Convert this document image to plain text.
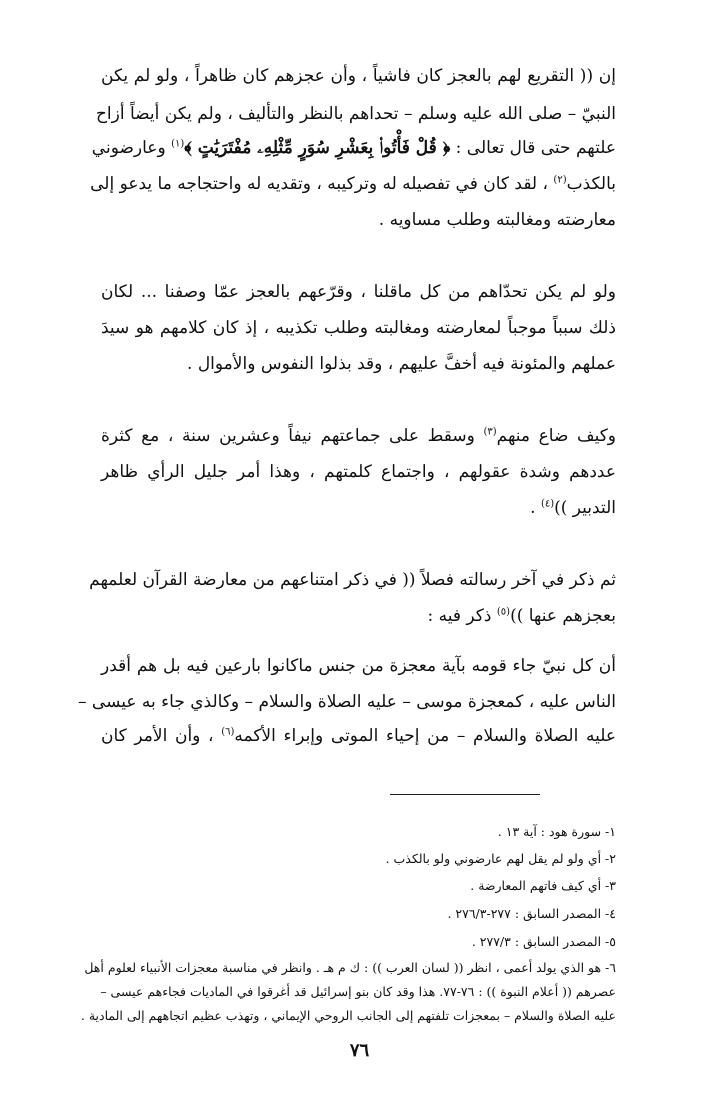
إن (( التقريع لهم بالعجز كان فاشياً ، وأن عجزهم كان ظاهراً ، ولو لم يكن
النبيّ – صلى الله عليه وسلم – تحداهم بالنظر والتأليف ، ولم يكن أيضاً أزاح
علتهم حتى قال تعالى : ﴿ قُلْ فَأْتُوا۟ بِعَشْرِ سُوَرٍ مِّثْلِهِۦ مُفْتَرَيَٰتٍ ﴾$^{(١)}$ وعارضوني
بالكذب$^{(٢)}$ ، لقد كان في تفصيله له وتركيبه ، وتقديه له واحتجاجه ما يدعو إلى
معارضته ومغالبته وطلب مساويه .
ولو لم يكن تحدّاهم من كل ماقلنا ، وقرّعهم بالعجز عمّا وصفنا ... لكان
ذلك سبباً موجباً لمعارضته ومغالبته وطلب تكذيبه ، إذ كان كلامهم هو سيدَ
عملهم والمئونة فيه أخفَّ عليهم ، وقد بذلوا النفوس والأموال .
وكيف ضاع منهم$^{(٣)}$ وسقط على جماعتهم نيفاً وعشرين سنة ، مع كثرة
عددهم وشدة عقولهم ، واجتماع كلمتهم ، وهذا أمر جليل الرأي ظاهر
التدبير ))$^{(٤)}$ .
ثم ذكر في آخر رسالته فصلاً (( في ذكر امتناعهم من معارضة القرآن لعلمهم
بعجزهم عنها ))$^{(٥)}$ ذكر فيه :
أن كل نبيّ جاء قومه بآية معجزة من جنس ماكانوا بارعين فيه بل هم أقدر
الناس عليه ، كمعجزة موسى – عليه الصلاة والسلام – وكالذي جاء به عيسى –
عليه الصلاة والسلام – من إحياء الموتى وإبراء الأكمه$^{(٦)}$ ، وأن الأمر كان
١- سورة هود : آية ١٣ .
٢- أي ولو لم يقل لهم عارضوني ولو بالكذب .
٣- أي كيف فاتهم المعارضة .
٤- المصدر السابق : ٢٧٧-٢٧٦/٣ .
٥- المصدر السابق : ٢٧٧/٣ .
٦- هو الذي يولد أعمى ، انظر (( لسان العرب )) : ك م هـ . وانظر في مناسبة معجزات الأنبياء لعلوم أهل
عصرهم (( أعلام النبوة )) : ٧٦-٧٧. هذا وقد كان بنو إسرائيل قد أغرقوا في الماديات فجاءهم عيسى –
٧٦
عليه الصلاة والسلام – بمعجزات تلفتهم إلى الجانب الروحي الإيماني ، وتهذب عظيم اتجاههم إلى المادية .
